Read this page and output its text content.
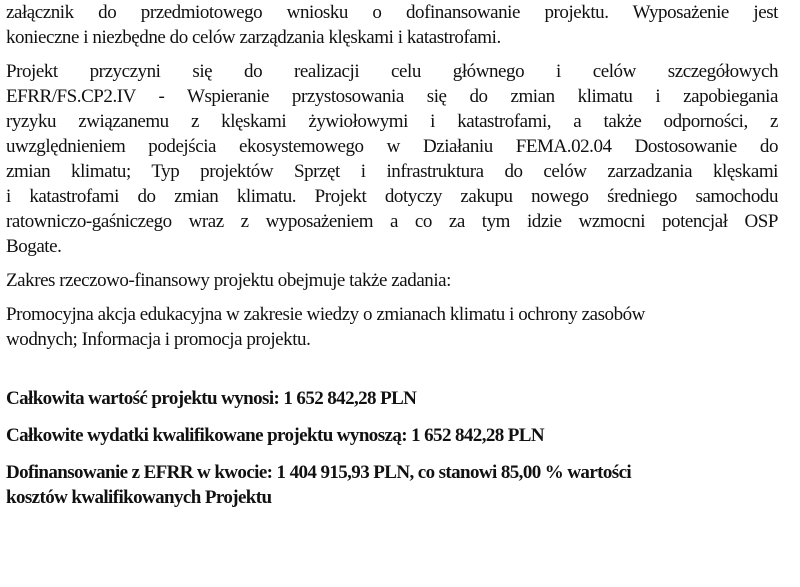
załącznik do przedmiotowego wniosku o dofinansowanie projektu. Wyposażenie jest
konieczne i niezbędne do celów zarządzania klęskami i katastrofami.

Projekt przyczyni się do realizacji celu głównego i celów szczegółowych
EFRR/FS.CP2.IV - Wspieranie przystosowania się do zmian klimatu i zapobiegania
ryzyku związanemu z klęskami żywiołowymi i katastrofami, a także odporności, z
uwzględnieniem podejścia ekosystemowego w Działaniu FEMA.02.04 Dostosowanie do
zmian klimatu; Typ projektów Sprzęt i infrastruktura do celów zarzadzania klęskami
i katastrofami do zmian klimatu. Projekt dotyczy zakupu nowego średniego samochodu
ratowniczo-gaśniczego wraz z wyposażeniem a co za tym idzie wzmocni potencjał OSP
Bogate.

Zakres rzeczowo-finansowy projektu obejmuje także zadania:

Promocyjna akcja edukacyjna w zakresie wiedzy o zmianach klimatu i ochrony zasobów
wodnych; Informacja i promocja projektu.

Całkowita wartość projektu wynosi: 1 652 842,28 PLN

Całkowite wydatki kwalifikowane projektu wynoszą: 1 652 842,28 PLN

Dofinansowanie z EFRR w kwocie: 1 404 915,93 PLN, co stanowi 85,00 % wartości
kosztów kwalifikowanych Projektu
